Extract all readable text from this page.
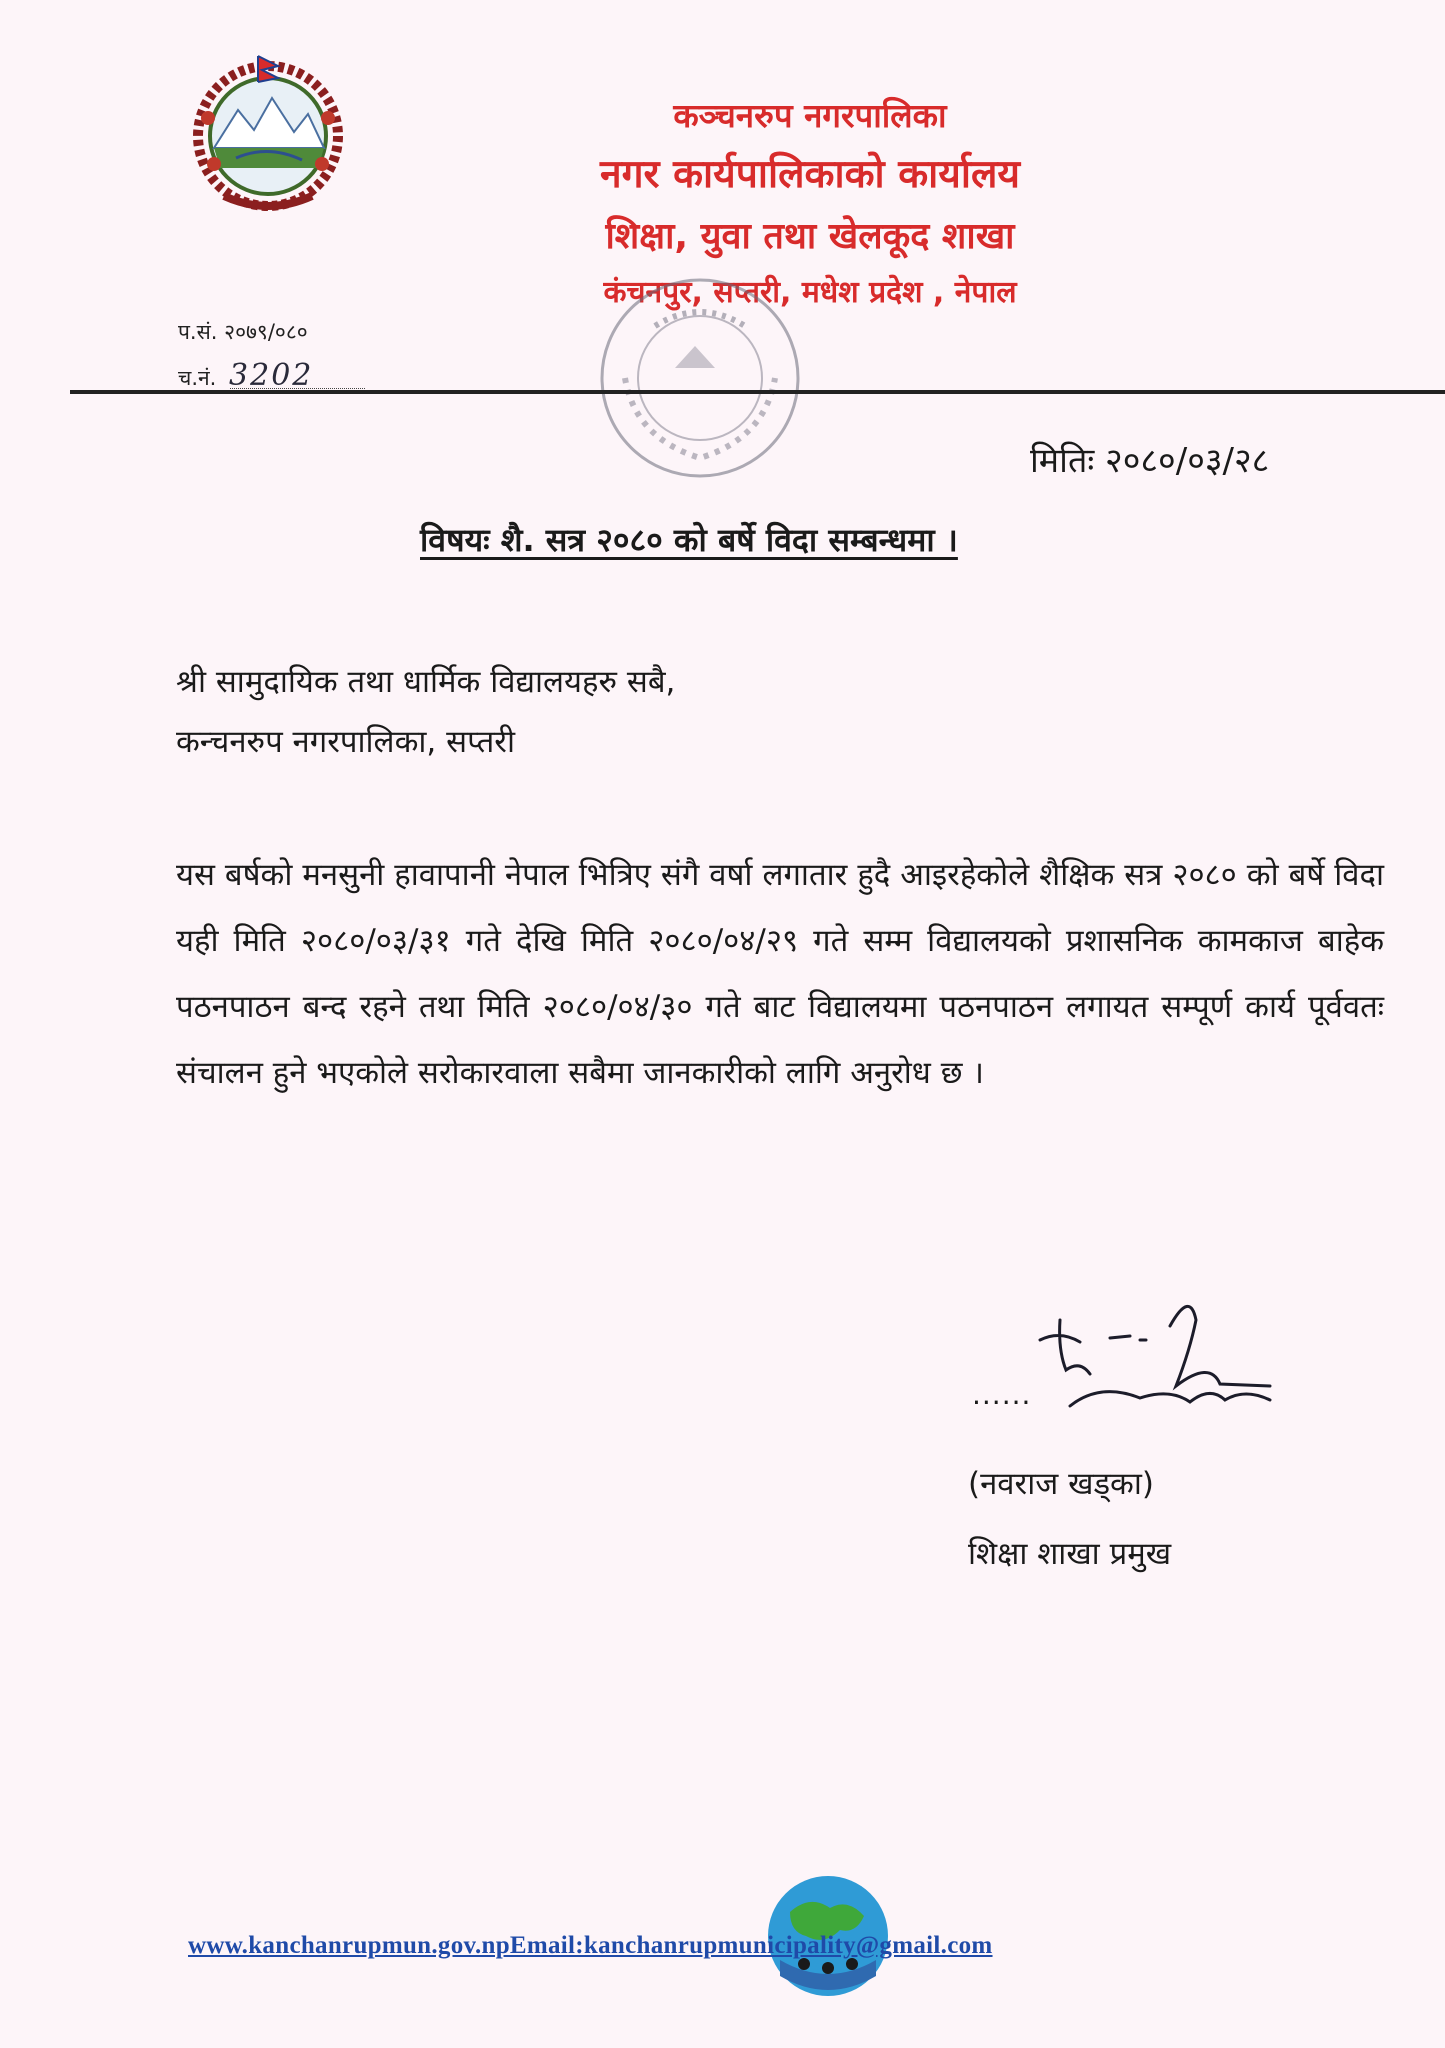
कञ्चनरुप नगरपालिका
नगर कार्यपालिकाको कार्यालय
शिक्षा, युवा तथा खेलकूद शाखा
कंचनपुर, सप्तरी, मधेश प्रदेश , नेपाल
प.सं. २०७९/०८०
च.नं. 3202
मितिः २०८०/०३/२८
विषयः शै. सत्र २०८० को बर्षे विदा सम्बन्धमा ।
श्री सामुदायिक तथा धार्मिक विद्यालयहरु सबै,
कन्चनरुप नगरपालिका, सप्तरी
यस बर्षको मनसुनी हावापानी नेपाल भित्रिए संगै वर्षा लगातार हुदै आइरहेकोले शैक्षिक सत्र २०८० को बर्षे विदा यही मिति २०८०/०३/३१ गते देखि मिति २०८०/०४/२९ गते सम्म विद्यालयको प्रशासनिक कामकाज बाहेक पठनपाठन बन्द रहने तथा मिति २०८०/०४/३० गते बाट विद्यालयमा पठनपाठन लगायत सम्पूर्ण कार्य पूर्ववतः संचालन हुने भएकोले सरोकारवाला सबैमा जानकारीको लागि अनुरोध छ ।
......
(नवराज खड्का)
शिक्षा शाखा प्रमुख
www.kanchanrupmun.gov.npEmail:kanchanrupmunicipality@gmail.com
